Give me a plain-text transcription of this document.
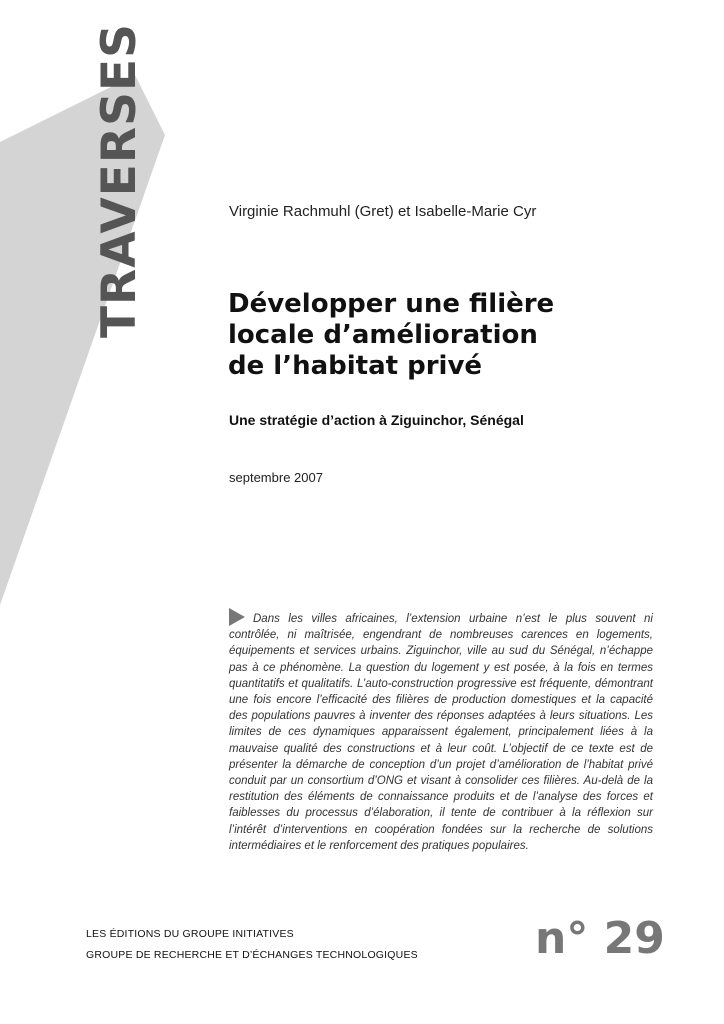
TRAVERSES	Virginie Rachmuhl (Gret) et Isabelle-Marie Cyr
Développer une filière
locale d’amélioration
de l’habitat privé
Une stratégie d’action à Ziguinchor, Sénégal
septembre 2007

Dans les villes africaines, l’extension urbaine n’est le plus souvent ni contrôlée, ni maîtrisée, engendrant de nombreuses carences en logements, équipements et services urbains. Ziguinchor, ville au sud du Sénégal, n’échappe pas à ce phénomène. La question du logement y est posée, à la fois en termes quantitatifs et qualitatifs. L’auto-construction progressive est fréquente, démontrant une fois encore l’efficacité des filières de production domestiques et la capacité des populations pauvres à inventer des réponses adaptées à leurs situations. Les limites de ces dynamiques apparaissent également, principalement liées à la mauvaise qualité des constructions et à leur coût. L’objectif de ce texte est de présenter la démarche de conception d’un projet d’amélioration de l’habitat privé conduit par un consortium d’ONG et visant à consolider ces filières. Au-delà de la restitution des éléments de connaissance produits et de l’analyse des forces et faiblesses du processus d’élaboration, il tente de contribuer à la réflexion sur l’intérêt d’interventions en coopération fondées sur la recherche de solutions intermédiaires et le renforcement des pratiques populaires.

LES ÉDITIONS DU GROUPE INITIATIVES
GROUPE DE RECHERCHE ET D’ÉCHANGES TECHNOLOGIQUES	n° 29
